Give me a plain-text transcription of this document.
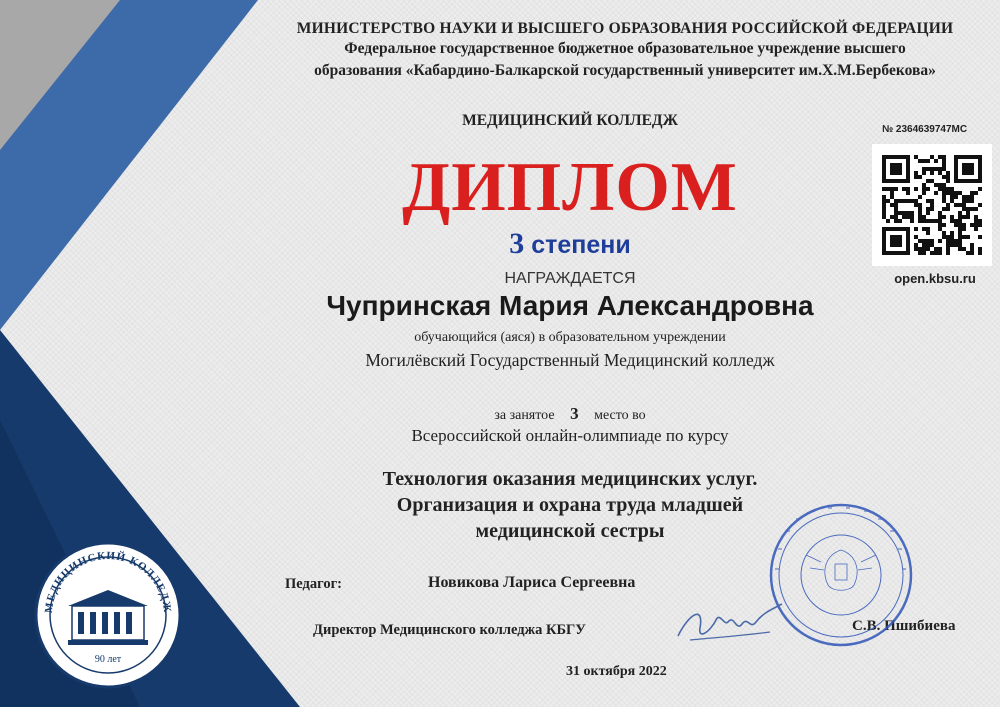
МИНИСТЕРСТВО НАУКИ И ВЫСШЕГО ОБРАЗОВАНИЯ РОССИЙСКОЙ ФЕДЕРАЦИИ
Федеральное государственное бюджетное образовательное учреждение высшего
образования «Кабардино-Балкарской государственный университет им.Х.М.Бербекова»
МЕДИЦИНСКИЙ КОЛЛЕДЖ
ДИПЛОМ
3 степени
НАГРАЖДАЕТСЯ
Чупринская Мария Александровна
обучающийся (аяся) в образовательном учреждении
Могилёвский Государственный Медицинский колледж
за занятое 3 место во
Всероссийской онлайн-олимпиаде по курсу
Технология оказания медицинских услуг.
Организация и охрана труда младшей
медицинской сестры
Педагог:	Новикова Лариса Сергеевна
Директор Медицинского колледжа КБГУ	С.В. Пшибиева
31 октября 2022
№ 2364639747МС
open.kbsu.ru
МЕДИЦИНСКИЙ КОЛЛЕДЖ
90 лет
